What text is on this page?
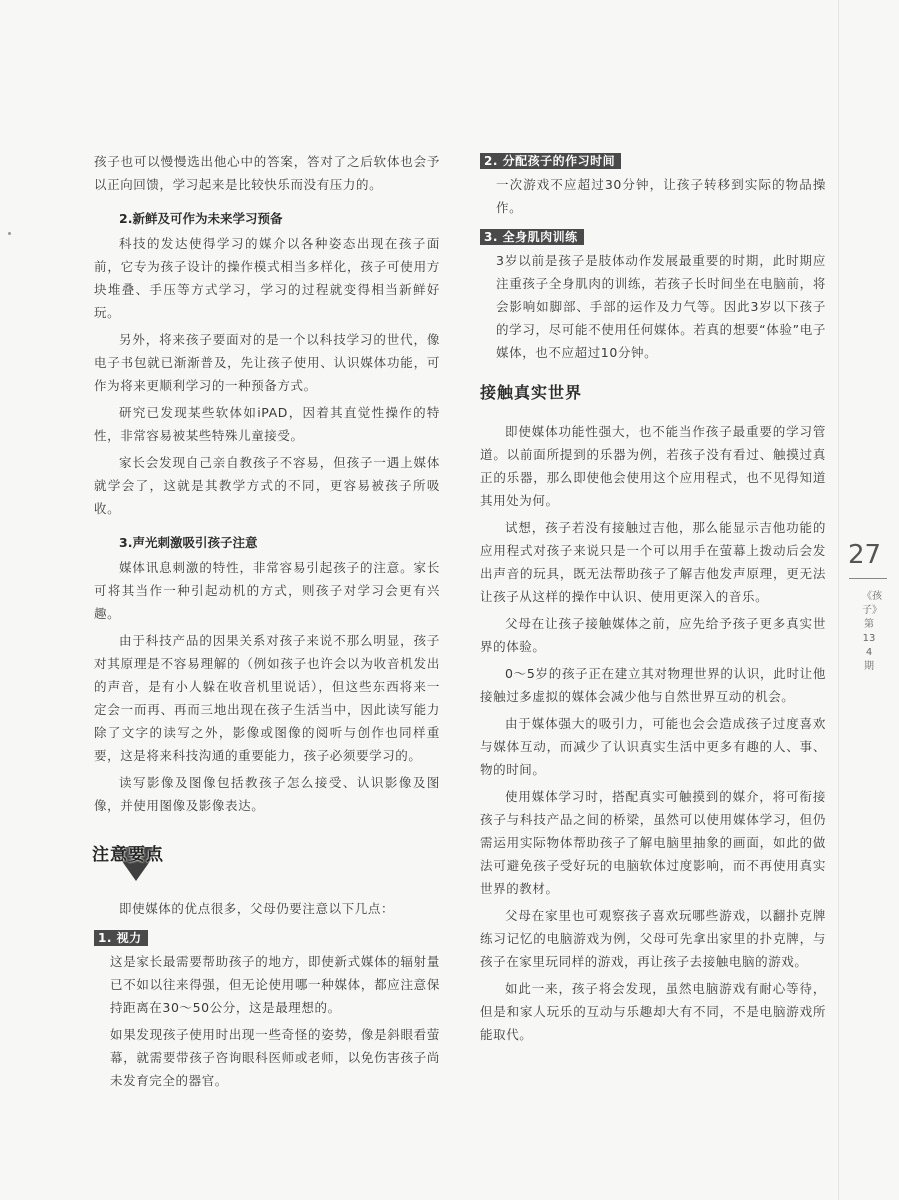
孩子也可以慢慢选出他心中的答案，答对了之后软体也会予以正向回馈，学习起来是比较快乐而没有压力的。

2.新鲜及可作为未来学习预备

科技的发达使得学习的媒介以各种姿态出现在孩子面前，它专为孩子设计的操作模式相当多样化，孩子可使用方块堆叠、手压等方式学习，学习的过程就变得相当新鲜好玩。

另外，将来孩子要面对的是一个以科技学习的世代，像电子书包就已渐渐普及，先让孩子使用、认识媒体功能，可作为将来更顺利学习的一种预备方式。

研究已发现某些软体如iPAD，因着其直觉性操作的特性，非常容易被某些特殊儿童接受。

家长会发现自己亲自教孩子不容易，但孩子一遇上媒体就学会了，这就是其教学方式的不同，更容易被孩子所吸收。

3.声光刺激吸引孩子注意

媒体讯息刺激的特性，非常容易引起孩子的注意。家长可将其当作一种引起动机的方式，则孩子对学习会更有兴趣。

由于科技产品的因果关系对孩子来说不那么明显，孩子对其原理是不容易理解的（例如孩子也许会以为收音机发出的声音，是有小人躲在收音机里说话），但这些东西将来一定会一而再、再而三地出现在孩子生活当中，因此读写能力除了文字的读写之外，影像或图像的阅听与创作也同样重要，这是将来科技沟通的重要能力，孩子必须要学习的。

读写影像及图像包括教孩子怎么接受、认识影像及图像，并使用图像及影像表达。

注意要点

即使媒体的优点很多，父母仍要注意以下几点：

1. 视力

这是家长最需要帮助孩子的地方，即使新式媒体的辐射量已不如以往来得强，但无论使用哪一种媒体，都应注意保持距离在30～50公分，这是最理想的。

如果发现孩子使用时出现一些奇怪的姿势，像是斜眼看萤幕，就需要带孩子咨询眼科医师或老师，以免伤害孩子尚未发育完全的器官。

2. 分配孩子的作习时间

一次游戏不应超过30分钟，让孩子转移到实际的物品操作。

3. 全身肌肉训练

3岁以前是孩子是肢体动作发展最重要的时期，此时期应注重孩子全身肌肉的训练，若孩子长时间坐在电脑前，将会影响如脚部、手部的运作及力气等。因此3岁以下孩子的学习，尽可能不使用任何媒体。若真的想要“体验”电子媒体，也不应超过10分钟。

接触真实世界

即使媒体功能性强大，也不能当作孩子最重要的学习管道。以前面所提到的乐器为例，若孩子没有看过、触摸过真正的乐器，那么即使他会使用这个应用程式，也不见得知道其用处为何。

试想，孩子若没有接触过吉他，那么能显示吉他功能的应用程式对孩子来说只是一个可以用手在萤幕上拨动后会发出声音的玩具，既无法帮助孩子了解吉他发声原理，更无法让孩子从这样的操作中认识、使用更深入的音乐。

父母在让孩子接触媒体之前，应先给予孩子更多真实世界的体验。

0～5岁的孩子正在建立其对物理世界的认识，此时让他接触过多虚拟的媒体会减少他与自然世界互动的机会。

由于媒体强大的吸引力，可能也会会造成孩子过度喜欢与媒体互动，而减少了认识真实生活中更多有趣的人、事、物的时间。

使用媒体学习时，搭配真实可触摸到的媒介，将可衔接孩子与科技产品之间的桥梁，虽然可以使用媒体学习，但仍需运用实际物体帮助孩子了解电脑里抽象的画面，如此的做法可避免孩子受好玩的电脑软体过度影响，而不再使用真实世界的教材。

父母在家里也可观察孩子喜欢玩哪些游戏，以翻扑克牌练习记忆的电脑游戏为例，父母可先拿出家里的扑克牌，与孩子在家里玩同样的游戏，再让孩子去接触电脑的游戏。

如此一来，孩子将会发现，虽然电脑游戏有耐心等待，但是和家人玩乐的互动与乐趣却大有不同，不是电脑游戏所能取代。

27
《孩子》第134期
